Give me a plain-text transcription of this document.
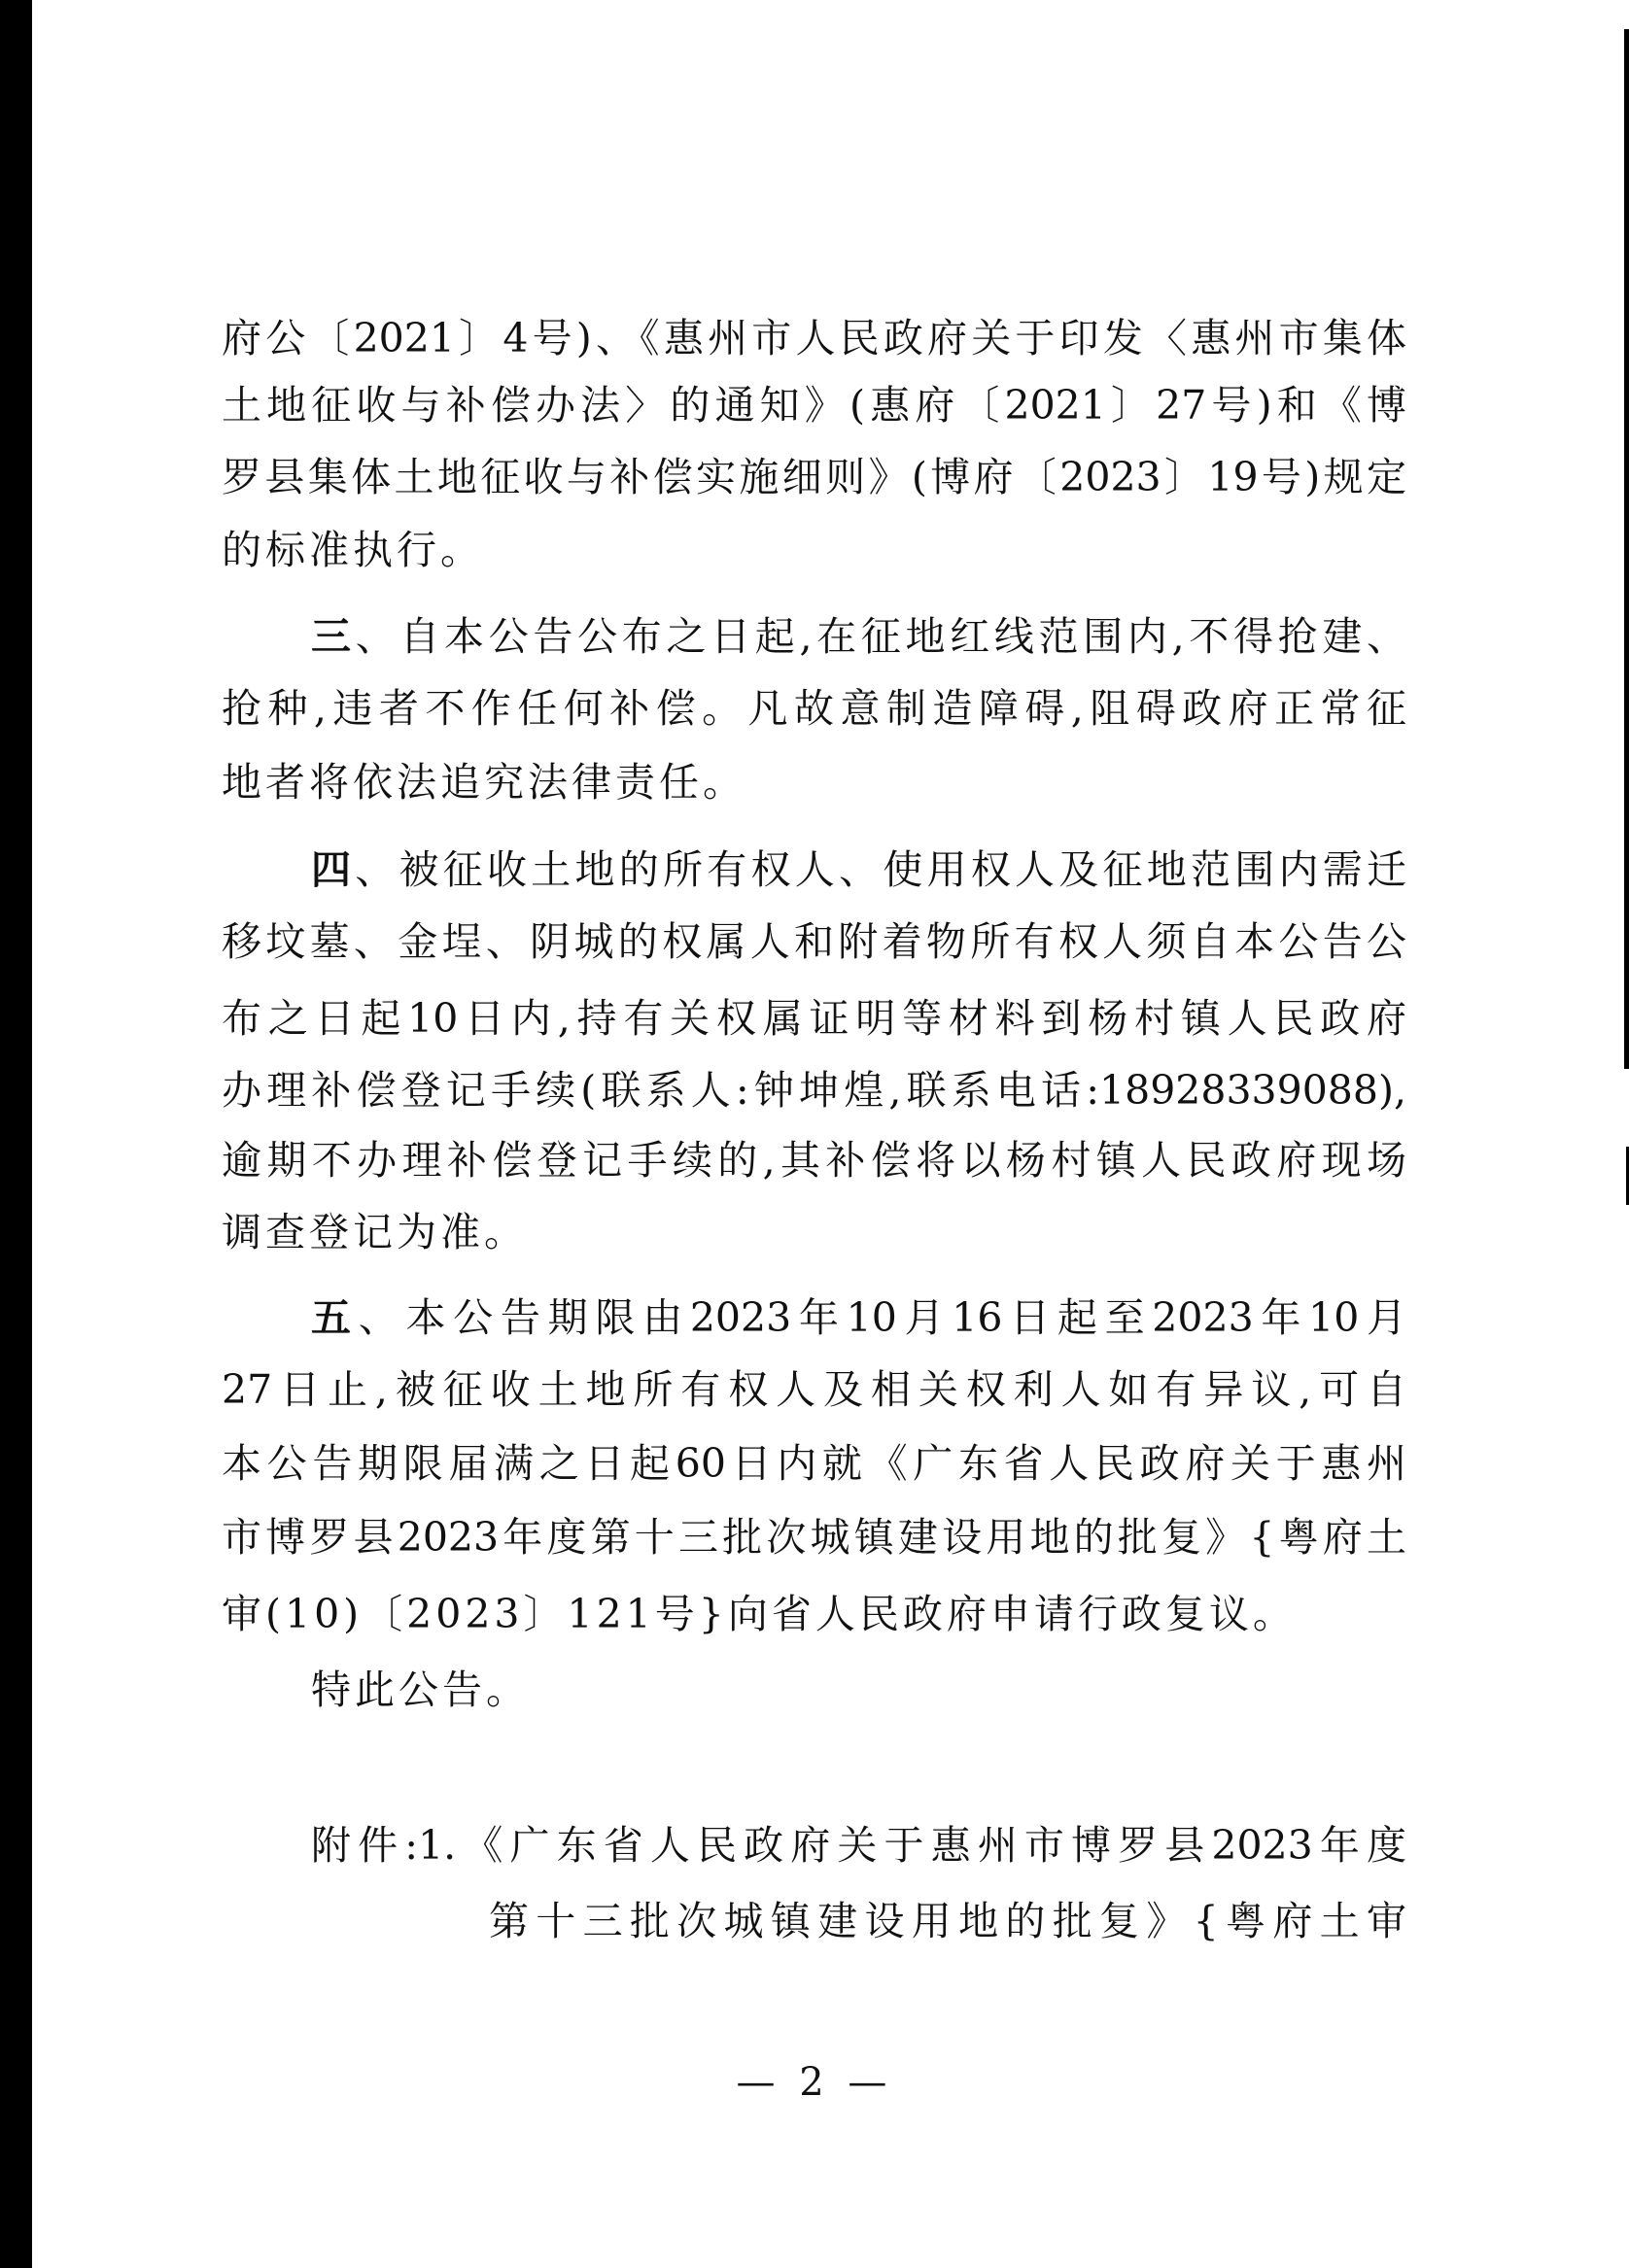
府公〔2021〕4号)、《惠州市人民政府关于印发〈惠州市集体
土地征收与补偿办法〉的通知》(惠府〔2021〕27号)和《博
罗县集体土地征收与补偿实施细则》(博府〔2023〕19号)规定
的标准执行。
三、自本公告公布之日起,在征地红线范围内,不得抢建、
抢种,违者不作任何补偿。凡故意制造障碍,阻碍政府正常征
地者将依法追究法律责任。
四、被征收土地的所有权人、使用权人及征地范围内需迁
移坟墓、金埕、阴城的权属人和附着物所有权人须自本公告公
布之日起10日内,持有关权属证明等材料到杨村镇人民政府
办理补偿登记手续(联系人:钟坤煌,联系电话:18928339088),
逾期不办理补偿登记手续的,其补偿将以杨村镇人民政府现场
调查登记为准。
五、本公告期限由2023年10月16日起至2023年10月
27日止,被征收土地所有权人及相关权利人如有异议,可自
本公告期限届满之日起60日内就《广东省人民政府关于惠州
市博罗县2023年度第十三批次城镇建设用地的批复》{粤府土
审(10)〔2023〕121号}向省人民政府申请行政复议。
特此公告。
附件:1.《广东省人民政府关于惠州市博罗县2023年度
第十三批次城镇建设用地的批复》{粤府土审
— 2 —
